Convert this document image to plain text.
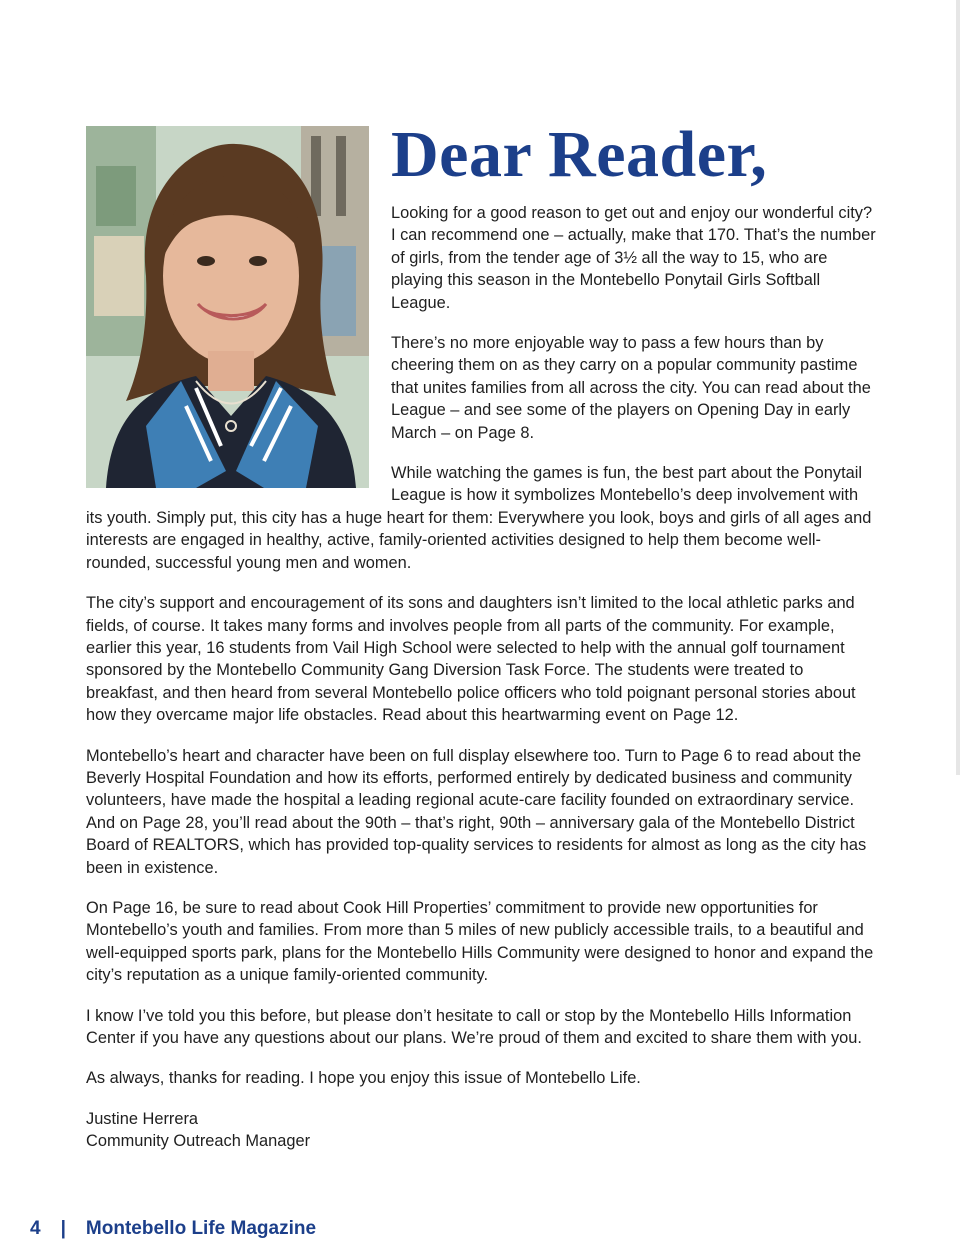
Dear Reader,

Looking for a good reason to get out and enjoy our wonderful city? I can recommend one – actually, make that 170. That’s the number of girls, from the tender age of 3½ all the way to 15, who are playing this season in the Montebello Ponytail Girls Softball League.

There’s no more enjoyable way to pass a few hours than by cheering them on as they carry on a popular community pastime that unites families from all across the city. You can read about the League – and see some of the players on Opening Day in early March – on Page 8.

While watching the games is fun, the best part about the Ponytail League is how it symbolizes Montebello’s deep involvement with its youth. Simply put, this city has a huge heart for them: Everywhere you look, boys and girls of all ages and interests are engaged in healthy, active, family-oriented activities designed to help them become well-rounded, successful young men and women.

The city’s support and encouragement of its sons and daughters isn’t limited to the local athletic parks and fields, of course. It takes many forms and involves people from all parts of the community. For example, earlier this year, 16 students from Vail High School were selected to help with the annual golf tournament sponsored by the Montebello Community Gang Diversion Task Force. The students were treated to breakfast, and then heard from several Montebello police officers who told poignant personal stories about how they overcame major life obstacles. Read about this heartwarming event on Page 12.

Montebello’s heart and character have been on full display elsewhere too. Turn to Page 6 to read about the Beverly Hospital Foundation and how its efforts, performed entirely by dedicated business and community volunteers, have made the hospital a leading regional acute-care facility founded on extraordinary service. And on Page 28, you’ll read about the 90th – that’s right, 90th – anniversary gala of the Montebello District Board of REALTORS, which has provided top-quality services to residents for almost as long as the city has been in existence.

On Page 16, be sure to read about Cook Hill Properties’ commitment to provide new opportunities for Montebello’s youth and families. From more than 5 miles of new publicly accessible trails, to a beautiful and well-equipped sports park, plans for the Montebello Hills Community were designed to honor and expand the city’s reputation as a unique family-oriented community.

I know I’ve told you this before, but please don’t hesitate to call or stop by the Montebello Hills Information Center if you have any questions about our plans. We’re proud of them and excited to share them with you.

As always, thanks for reading. I hope you enjoy this issue of Montebello Life.

Justine Herrera

Community Outreach Manager

4 | Montebello Life Magazine
